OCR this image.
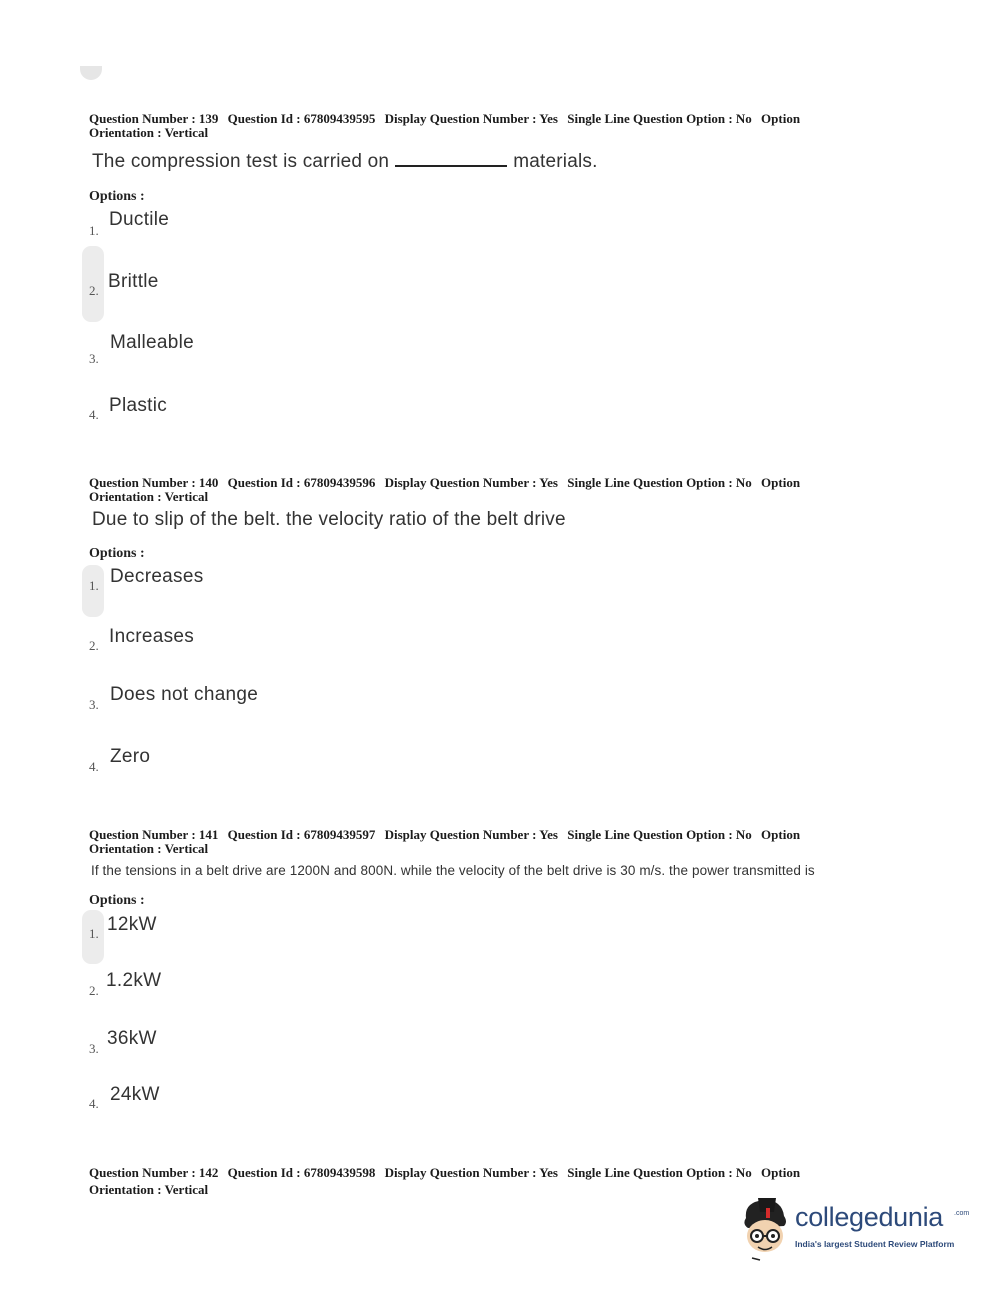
Question Number : 139 Question Id : 67809439595 Display Question Number : Yes Single Line Question Option : No Option
Orientation : Vertical
The compression test is carried on	materials.
Options :
1.
Ductile
2. Brittle
3.
Malleable
4. Plastic
Question Number : 140 Question Id : 67809439596 Display Question Number : Yes Single Line Question Option : No Option
Orientation : Vertical
Due to slip of the belt. the velocity ratio of the belt drive
Options :
1. Decreases
2. Increases
3. Does not change
4. Zero
Question Number : 141 Question Id : 67809439597 Display Question Number : Yes Single Line Question Option : No Option
Orientation : Vertical
If the tensions in a belt drive are 1200N and 800N. while the velocity of the belt drive is 30 m/s. the power transmitted is
Options :
1. 12kW
2. 1.2kW
3. 36kW
4. 24kW
Question Number : 142 Question Id : 67809439598 Display Question Number : Yes Single Line Question Option : No Option
Orientation : Vertical
collegedunia .com
India's largest Student Review Platform
